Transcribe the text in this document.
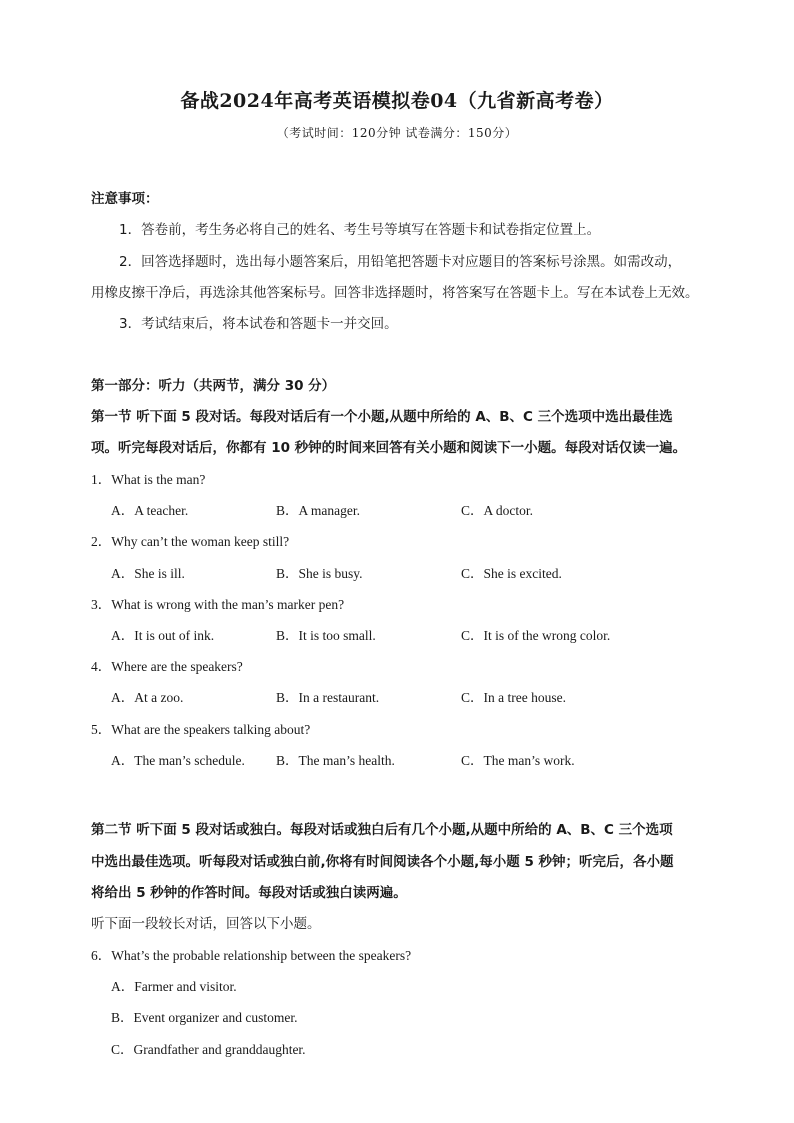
备战2024年高考英语模拟卷04（九省新高考卷）
（考试时间：120分钟 试卷满分：150分）
注意事项：
1．答卷前，考生务必将自己的姓名、考生号等填写在答题卡和试卷指定位置上。
2．回答选择题时，选出每小题答案后，用铅笔把答题卡对应题目的答案标号涂黑。如需改动，
用橡皮擦干净后，再选涂其他答案标号。回答非选择题时，将答案写在答题卡上。写在本试卷上无效。
3．考试结束后，将本试卷和答题卡一并交回。
第一部分：听力（共两节，满分 30 分）
第一节 听下面 5 段对话。每段对话后有一个小题,从题中所给的 A、B、C 三个选项中选出最佳选
项。听完每段对话后，你都有 10 秒钟的时间来回答有关小题和阅读下一小题。每段对话仅读一遍。
1．What is the man?
A．A teacher.	B．A manager.	C．A doctor.
2．Why can’t the woman keep still?
A．She is ill.	B．She is busy.	C．She is excited.
3．What is wrong with the man’s marker pen?
A．It is out of ink.	B．It is too small.	C．It is of the wrong color.
4．Where are the speakers?
A．At a zoo.	B．In a restaurant.	C．In a tree house.
5．What are the speakers talking about?
A．The man’s schedule. B．The man’s health.	C．The man’s work.
第二节 听下面 5 段对话或独白。每段对话或独白后有几个小题,从题中所给的 A、B、C 三个选项
中选出最佳选项。听每段对话或独白前,你将有时间阅读各个小题,每小题 5 秒钟；听完后，各小题
将给出 5 秒钟的作答时间。每段对话或独白读两遍。
听下面一段较长对话，回答以下小题。
6．What’s the probable relationship between the speakers?
A．Farmer and visitor.
B．Event organizer and customer.
C．Grandfather and granddaughter.
